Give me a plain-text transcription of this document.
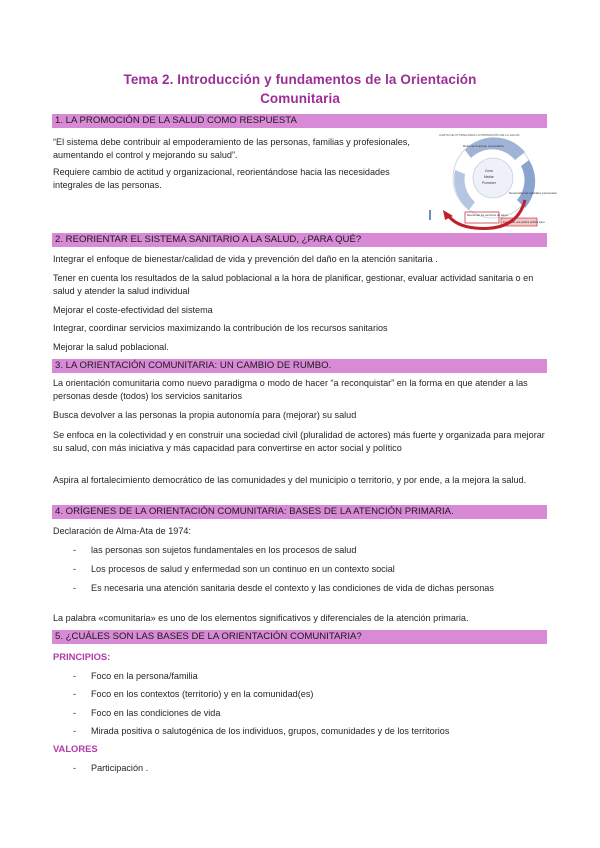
Tema 2. Introducción y fundamentos de la Orientación
Comunitaria
1. LA PROMOCIÓN DE LA SALUD COMO RESPUESTA
“El sistema debe contribuir al empoderamiento de las personas, familias y profesionales, aumentando el control y mejorando su salud”.
Requiere cambio de actitud y organizacional, reorientándose hacia las necesidades integrales de las personas.
CARTA DE OTTAWA PARA LA PROMOCIÓN DE LA SALUD
Reforzar la acción comunitaria
Crear
Mediar
Promover
Desarrollar las aptitudes personales
Reorientar los servicios de salud
Establecer una política pública sana
2. REORIENTAR EL SISTEMA SANITARIO A LA SALUD, ¿PARA QUÉ?
Integrar el enfoque de bienestar/calidad de vida y prevención del daño en la atención sanitaria .
Tener en cuenta los resultados de la salud poblacional a la hora de planificar, gestionar, evaluar actividad sanitaria o en salud y atender la salud individual
Mejorar el coste-efectividad del sistema
Integrar, coordinar servicios maximizando la contribución de los recursos sanitarios
Mejorar la salud poblacional.
3. LA ORIENTACIÓN COMUNITARIA: UN CAMBIO DE RUMBO.
La orientación comunitaria como nuevo paradigma o modo de hacer “a reconquistar” en la forma en que atender a las personas desde (todos) los servicios sanitarios
Busca devolver a las personas la propia autonomía para (mejorar) su salud
Se enfoca en la colectividad y en construir una sociedad civil (pluralidad de actores) más fuerte y organizada para mejorar su salud, con más iniciativa y más capacidad para convertirse en actor social y político
Aspira al fortalecimiento democrático de las comunidades y del municipio o territorio, y por ende, a la mejora la salud.
4. ORÍGENES DE LA ORIENTACIÓN COMUNITARIA: BASES DE LA ATENCIÓN PRIMARIA.
Declaración de Alma-Ata de 1974:
- las personas son sujetos fundamentales en los procesos de salud
- Los procesos de salud y enfermedad son un continuo en un contexto social
- Es necesaria una atención sanitaria desde el contexto y las condiciones de vida de dichas personas
La palabra «comunitaria» es uno de los elementos significativos y diferenciales de la atención primaria.
5. ¿CUÁLES SON LAS BASES DE LA ORIENTACIÓN COMUNITARIA?
PRINCIPIOS:
- Foco en la persona/familia
- Foco en los contextos (territorio) y en la comunidad(es)
- Foco en las condiciones de vida
- Mirada positiva o salutogénica de los individuos, grupos, comunidades y de los territorios
VALORES
- Participación .
